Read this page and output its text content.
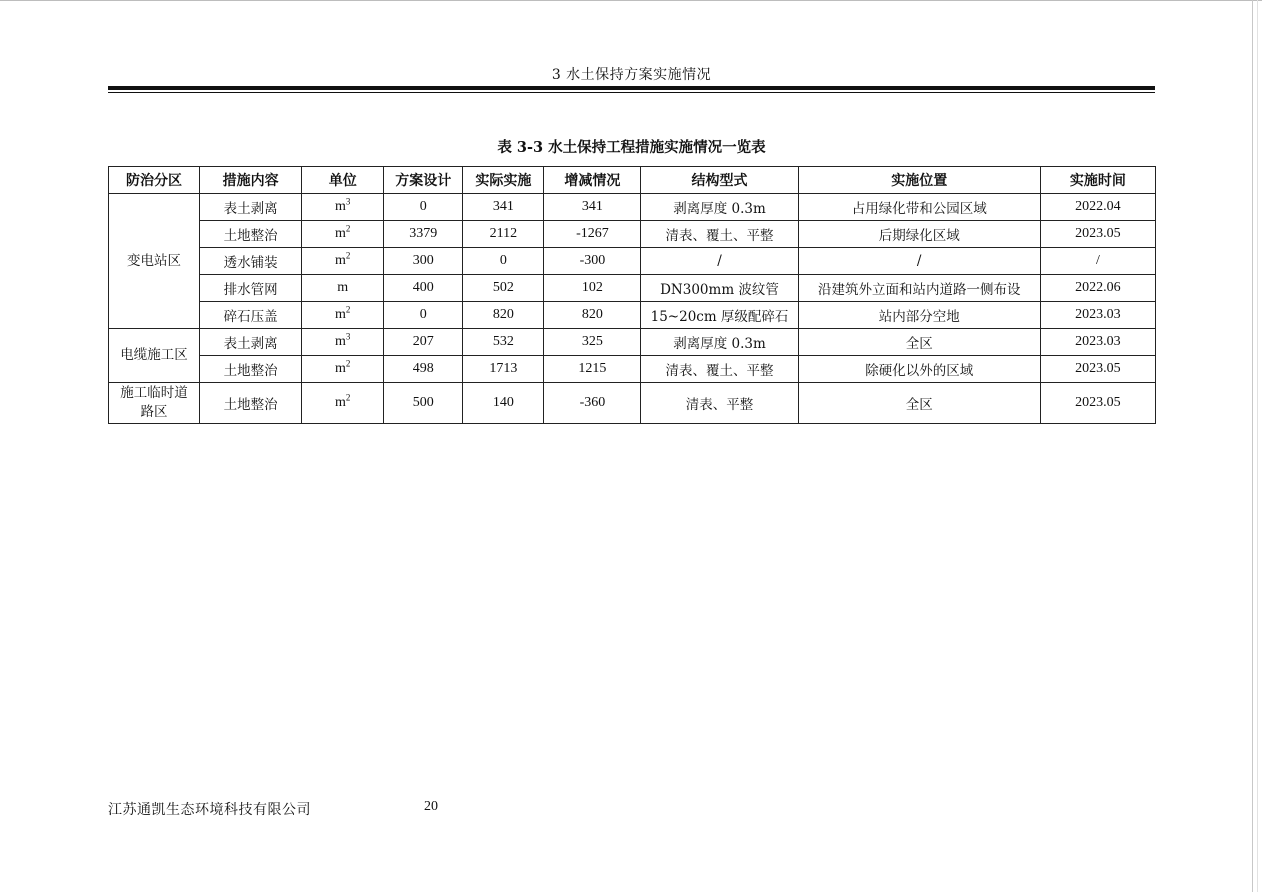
3 水土保持方案实施情况
表 3-3 水土保持工程措施实施情况一览表
防治分区	措施内容	单位	方案设计	实际实施	增减情况	结构型式	实施位置	实施时间
变电站区	表土剥离	$m^3$	0	341	341	剥离厚度 0.3m	占用绿化带和公园区域	2022.04
	土地整治	$m^2$	3379	2112	-1267	清表、覆土、平整	后期绿化区域	2023.05
	透水铺装	$m^2$	300	0	-300	/	/	/
	排水管网	m	400	502	102	DN300mm 波纹管	沿建筑外立面和站内道路一侧布设	2022.06
	碎石压盖	$m^2$	0	820	820	15~20cm 厚级配碎石	站内部分空地	2023.03
电缆施工区	表土剥离	$m^3$	207	532	325	剥离厚度 0.3m	全区	2023.03
	土地整治	$m^2$	498	1713	1215	清表、覆土、平整	除硬化以外的区域	2023.05
施工临时道路区	土地整治	$m^2$	500	140	-360	清表、平整	全区	2023.05
江苏通凯生态环境科技有限公司	20
